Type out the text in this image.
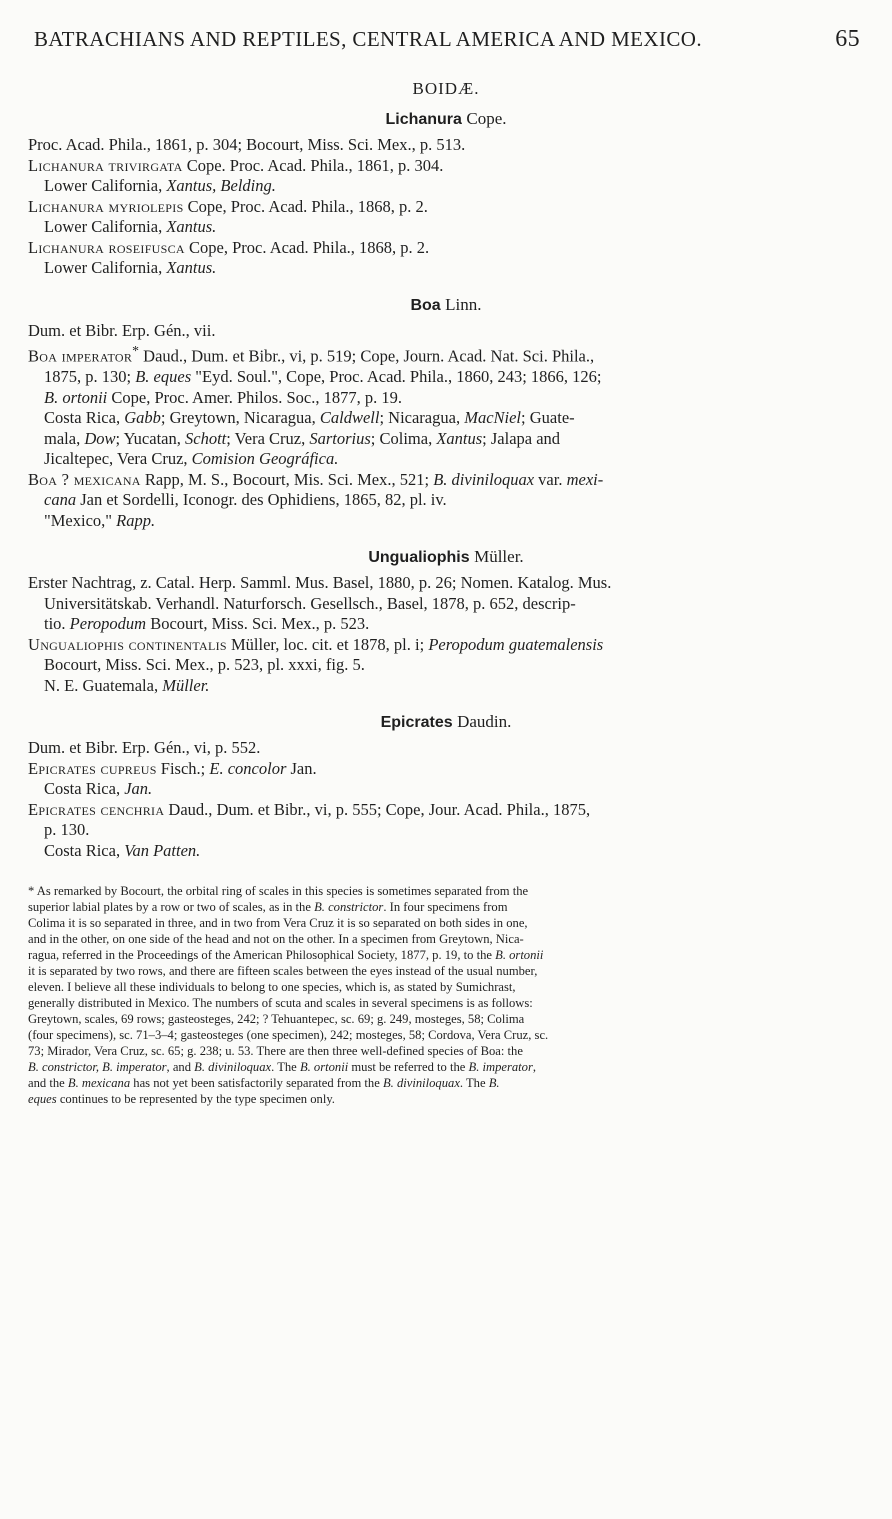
BATRACHIANS AND REPTILES, CENTRAL AMERICA AND MEXICO.	65
BOIDÆ.
Lichanura Cope.
Proc. Acad. Phila., 1861, p. 304; Bocourt, Miss. Sci. Mex., p. 513.
Lichanura trivirgata Cope. Proc. Acad. Phila., 1861, p. 304.
Lower California, Xantus, Belding.
Lichanura myriolepis Cope, Proc. Acad. Phila., 1868, p. 2.
Lower California, Xantus.
Lichanura roseifusca Cope, Proc. Acad. Phila., 1868, p. 2.
Lower California, Xantus.
Boa Linn.
Dum. et Bibr. Erp. Gén., vii.
Boa imperator* Daud., Dum. et Bibr., vi, p. 519; Cope, Journ. Acad. Nat. Sci. Phila.,
1875, p. 130; B. eques "Eyd. Soul.", Cope, Proc. Acad. Phila., 1860, 243; 1866, 126;
B. ortonii Cope, Proc. Amer. Philos. Soc., 1877, p. 19.
Costa Rica, Gabb; Greytown, Nicaragua, Caldwell; Nicaragua, MacNiel; Guate-
mala, Dow; Yucatan, Schott; Vera Cruz, Sartorius; Colima, Xantus; Jalapa and
Jicaltepec, Vera Cruz, Comision Geográfica.
Boa ? mexicana Rapp, M. S., Bocourt, Mis. Sci. Mex., 521; B. diviniloquax var. mexi-
cana Jan et Sordelli, Iconogr. des Ophidiens, 1865, 82, pl. iv.
"Mexico," Rapp.
Ungualiophis Müller.
Erster Nachtrag, z. Catal. Herp. Samml. Mus. Basel, 1880, p. 26; Nomen. Katalog. Mus.
Universitätskab. Verhandl. Naturforsch. Gesellsch., Basel, 1878, p. 652, descrip-
tio. Peropodum Bocourt, Miss. Sci. Mex., p. 523.
Ungualiophis continentalis Müller, loc. cit. et 1878, pl. i; Peropodum guatemalensis
Bocourt, Miss. Sci. Mex., p. 523, pl. xxxi, fig. 5.
N. E. Guatemala, Müller.
Epicrates Daudin.
Dum. et Bibr. Erp. Gén., vi, p. 552.
Epicrates cupreus Fisch.; E. concolor Jan.
Costa Rica, Jan.
Epicrates cenchria Daud., Dum. et Bibr., vi, p. 555; Cope, Jour. Acad. Phila., 1875,
p. 130.
Costa Rica, Van Patten.
* As remarked by Bocourt, the orbital ring of scales in this species is sometimes separated from the
superior labial plates by a row or two of scales, as in the B. constrictor. In four specimens from
Colima it is so separated in three, and in two from Vera Cruz it is so separated on both sides in one,
and in the other, on one side of the head and not on the other. In a specimen from Greytown, Nica-
ragua, referred in the Proceedings of the American Philosophical Society, 1877, p. 19, to the B. ortonii
it is separated by two rows, and there are fifteen scales between the eyes instead of the usual number,
eleven. I believe all these individuals to belong to one species, which is, as stated by Sumichrast,
generally distributed in Mexico. The numbers of scuta and scales in several specimens is as follows:
Greytown, scales, 69 rows; gasteosteges, 242; ? Tehuantepec, sc. 69; g. 249, mosteges, 58; Colima
(four specimens), sc. 71–3–4; gasteosteges (one specimen), 242; mosteges, 58; Cordova, Vera Cruz, sc.
73; Mirador, Vera Cruz, sc. 65; g. 238; u. 53. There are then three well-defined species of Boa: the
B. constrictor, B. imperator, and B. diviniloquax. The B. ortonii must be referred to the B. imperator,
and the B. mexicana has not yet been satisfactorily separated from the B. diviniloquax. The B.
eques continues to be represented by the type specimen only.
